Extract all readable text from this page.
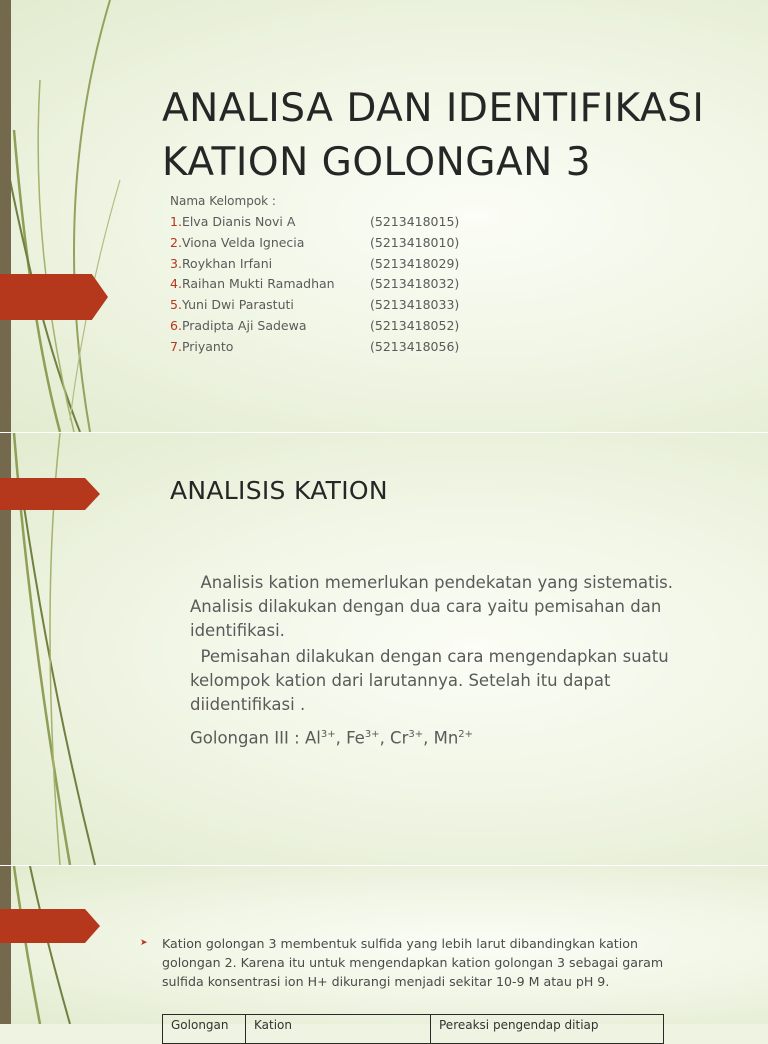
ANALISA DAN IDENTIFIKASI
KATION GOLONGAN 3
Nama Kelompok :
1.Elva Dianis Novi A	(5213418015)
2.Viona Velda Ignecia	(5213418010)
3.Roykhan Irfani	(5213418029)
4.Raihan Mukti Ramadhan	(5213418032)
5.Yuni Dwi Parastuti	(5213418033)
6.Pradipta Aji Sadewa	(5213418052)
7.Priyanto	(5213418056)
ANALISIS KATION

Analisis kation memerlukan pendekatan yang sistematis. Analisis dilakukan dengan dua cara yaitu pemisahan dan identifikasi.

Pemisahan dilakukan dengan cara mengendapkan suatu kelompok kation dari larutannya. Setelah itu dapat diidentifikasi .

Golongan III : $Al^{3+}$, $Fe^{3+}$, $Cr^{3+}$, $Mn^{2+}$

➤ Kation golongan 3 membentuk sulfida yang lebih larut dibandingkan kation golongan 2. Karena itu untuk mengendapkan kation golongan 3 sebagai garam sulfida konsentrasi ion H+ dikurangi menjadi sekitar 10-9 M atau pH 9.
Golongan	Kation	Pereaksi pengendap ditiap
